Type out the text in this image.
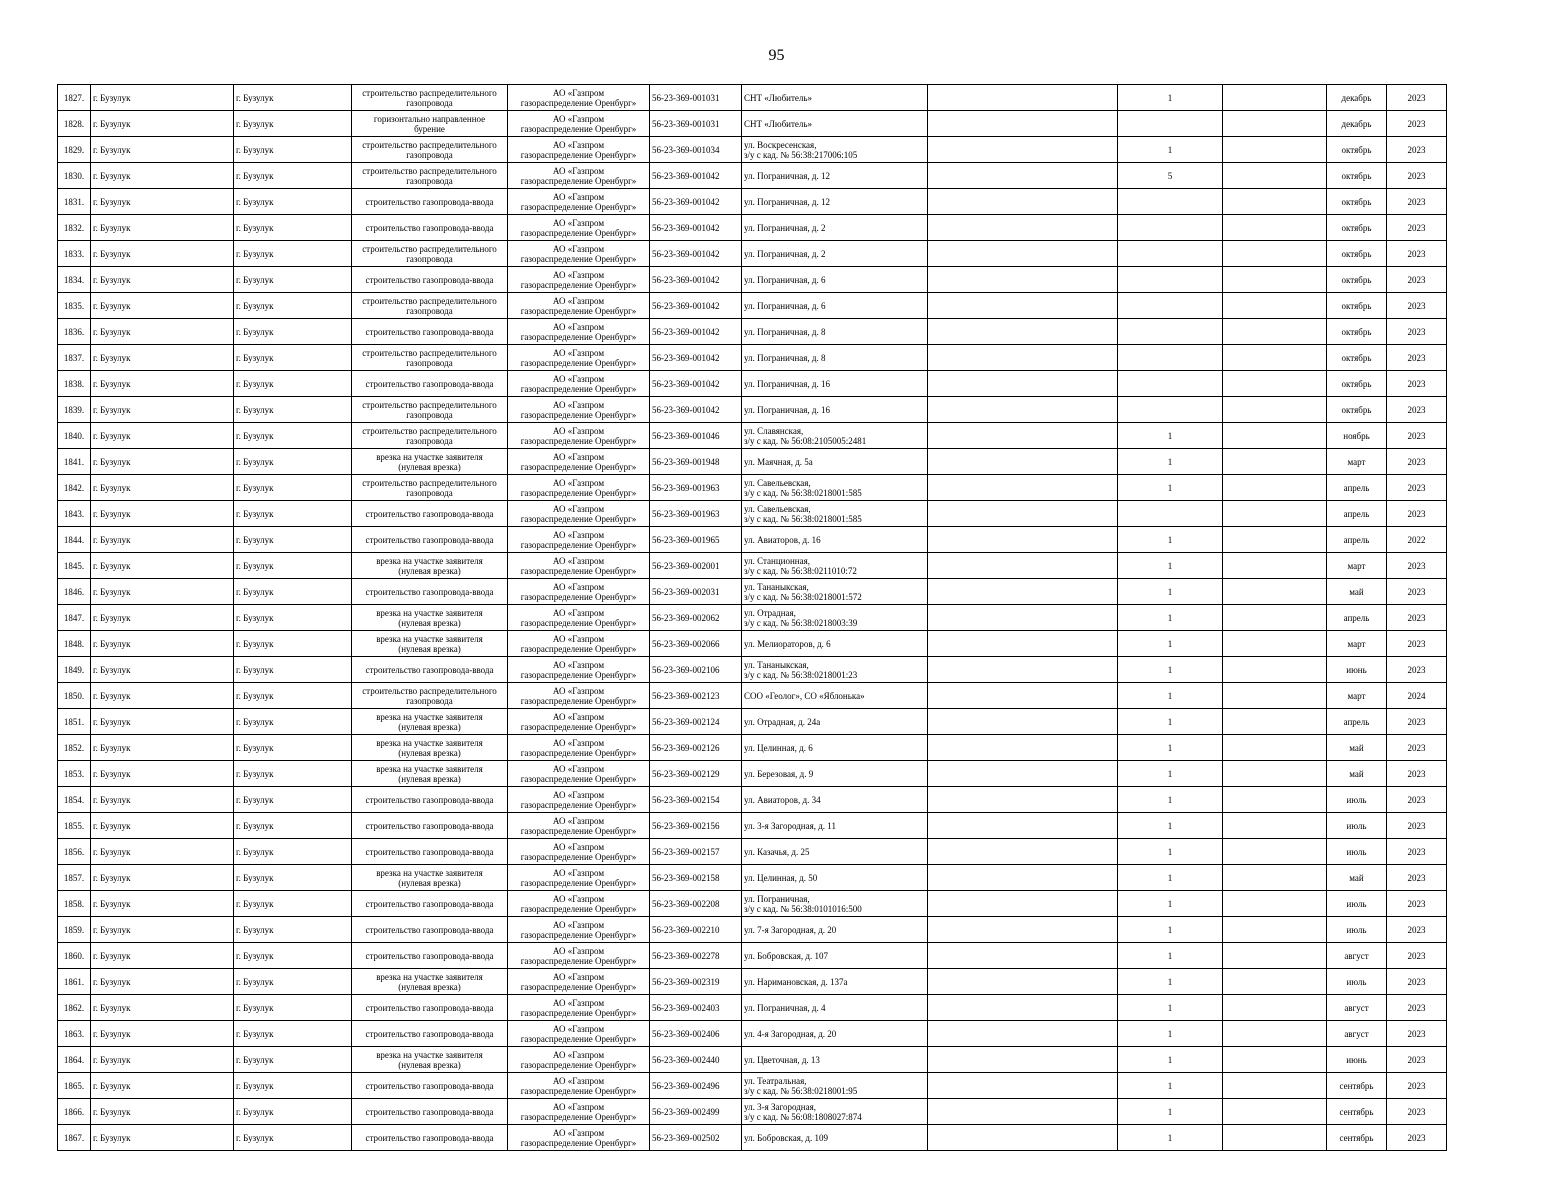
95
1827.	г. Бузулук	г. Бузулук	строительство распределительного
газопровода	АО «Газпром
газораспределение Оренбург»	56-23-369-001031	СНТ «Любитель»		1		декабрь	2023
1828.	г. Бузулук	г. Бузулук	горизонтально направленное
бурение	АО «Газпром
газораспределение Оренбург»	56-23-369-001031	СНТ «Любитель»				декабрь	2023
1829.	г. Бузулук	г. Бузулук	строительство распределительного
газопровода	АО «Газпром
газораспределение Оренбург»	56-23-369-001034	ул. Воскресенская,
з/у с кад. № 56:38:217006:105		1		октябрь	2023
1830.	г. Бузулук	г. Бузулук	строительство распределительного
газопровода	АО «Газпром
газораспределение Оренбург»	56-23-369-001042	ул. Пограничная, д. 12		5		октябрь	2023
1831.	г. Бузулук	г. Бузулук	строительство газопровода-ввода	АО «Газпром
газораспределение Оренбург»	56-23-369-001042	ул. Пограничная, д. 12				октябрь	2023
1832.	г. Бузулук	г. Бузулук	строительство газопровода-ввода	АО «Газпром
газораспределение Оренбург»	56-23-369-001042	ул. Пограничная, д. 2				октябрь	2023
1833.	г. Бузулук	г. Бузулук	строительство распределительного
газопровода	АО «Газпром
газораспределение Оренбург»	56-23-369-001042	ул. Пограничная, д. 2				октябрь	2023
1834.	г. Бузулук	г. Бузулук	строительство газопровода-ввода	АО «Газпром
газораспределение Оренбург»	56-23-369-001042	ул. Пограничная, д. 6				октябрь	2023
1835.	г. Бузулук	г. Бузулук	строительство распределительного
газопровода	АО «Газпром
газораспределение Оренбург»	56-23-369-001042	ул. Пограничная, д. 6				октябрь	2023
1836.	г. Бузулук	г. Бузулук	строительство газопровода-ввода	АО «Газпром
газораспределение Оренбург»	56-23-369-001042	ул. Пограничная, д. 8				октябрь	2023
1837.	г. Бузулук	г. Бузулук	строительство распределительного
газопровода	АО «Газпром
газораспределение Оренбург»	56-23-369-001042	ул. Пограничная, д. 8				октябрь	2023
1838.	г. Бузулук	г. Бузулук	строительство газопровода-ввода	АО «Газпром
газораспределение Оренбург»	56-23-369-001042	ул. Пограничная, д. 16				октябрь	2023
1839.	г. Бузулук	г. Бузулук	строительство распределительного
газопровода	АО «Газпром
газораспределение Оренбург»	56-23-369-001042	ул. Пограничная, д. 16				октябрь	2023
1840.	г. Бузулук	г. Бузулук	строительство распределительного
газопровода	АО «Газпром
газораспределение Оренбург»	56-23-369-001046	ул. Славянская,
з/у с кад. № 56:08:2105005:2481		1		ноябрь	2023
1841.	г. Бузулук	г. Бузулук	врезка на участке заявителя
(нулевая врезка)	АО «Газпром
газораспределение Оренбург»	56-23-369-001948	ул. Маячная, д. 5а		1		март	2023
1842.	г. Бузулук	г. Бузулук	строительство распределительного
газопровода	АО «Газпром
газораспределение Оренбург»	56-23-369-001963	ул. Савельевская,
з/у с кад. № 56:38:0218001:585		1		апрель	2023
1843.	г. Бузулук	г. Бузулук	строительство газопровода-ввода	АО «Газпром
газораспределение Оренбург»	56-23-369-001963	ул. Савельевская,
з/у с кад. № 56:38:0218001:585				апрель	2023
1844.	г. Бузулук	г. Бузулук	строительство газопровода-ввода	АО «Газпром
газораспределение Оренбург»	56-23-369-001965	ул. Авиаторов, д. 16		1		апрель	2022
1845.	г. Бузулук	г. Бузулук	врезка на участке заявителя
(нулевая врезка)	АО «Газпром
газораспределение Оренбург»	56-23-369-002001	ул. Станционная,
з/у с кад. № 56:38:0211010:72		1		март	2023
1846.	г. Бузулук	г. Бузулук	строительство газопровода-ввода	АО «Газпром
газораспределение Оренбург»	56-23-369-002031	ул. Тананыкская,
з/у с кад. № 56:38:0218001:572		1		май	2023
1847.	г. Бузулук	г. Бузулук	врезка на участке заявителя
(нулевая врезка)	АО «Газпром
газораспределение Оренбург»	56-23-369-002062	ул. Отрадная,
з/у с кад. № 56:38:0218003:39		1		апрель	2023
1848.	г. Бузулук	г. Бузулук	врезка на участке заявителя
(нулевая врезка)	АО «Газпром
газораспределение Оренбург»	56-23-369-002066	ул. Мелиораторов, д. 6		1		март	2023
1849.	г. Бузулук	г. Бузулук	строительство газопровода-ввода	АО «Газпром
газораспределение Оренбург»	56-23-369-002106	ул. Тананыкская,
з/у с кад. № 56:38:0218001:23		1		июнь	2023
1850.	г. Бузулук	г. Бузулук	строительство распределительного
газопровода	АО «Газпром
газораспределение Оренбург»	56-23-369-002123	СОО «Геолог», СО «Яблонька»		1		март	2024
1851.	г. Бузулук	г. Бузулук	врезка на участке заявителя
(нулевая врезка)	АО «Газпром
газораспределение Оренбург»	56-23-369-002124	ул. Отрадная, д. 24а		1		апрель	2023
1852.	г. Бузулук	г. Бузулук	врезка на участке заявителя
(нулевая врезка)	АО «Газпром
газораспределение Оренбург»	56-23-369-002126	ул. Целинная, д. 6		1		май	2023
1853.	г. Бузулук	г. Бузулук	врезка на участке заявителя
(нулевая врезка)	АО «Газпром
газораспределение Оренбург»	56-23-369-002129	ул. Березовая, д. 9		1		май	2023
1854.	г. Бузулук	г. Бузулук	строительство газопровода-ввода	АО «Газпром
газораспределение Оренбург»	56-23-369-002154	ул. Авиаторов, д. 34		1		июль	2023
1855.	г. Бузулук	г. Бузулук	строительство газопровода-ввода	АО «Газпром
газораспределение Оренбург»	56-23-369-002156	ул. 3-я Загородная, д. 11		1		июль	2023
1856.	г. Бузулук	г. Бузулук	строительство газопровода-ввода	АО «Газпром
газораспределение Оренбург»	56-23-369-002157	ул. Казачья, д. 25		1		июль	2023
1857.	г. Бузулук	г. Бузулук	врезка на участке заявителя
(нулевая врезка)	АО «Газпром
газораспределение Оренбург»	56-23-369-002158	ул. Целинная, д. 50		1		май	2023
1858.	г. Бузулук	г. Бузулук	строительство газопровода-ввода	АО «Газпром
газораспределение Оренбург»	56-23-369-002208	ул. Пограничная,
з/у с кад. № 56:38:0101016:500		1		июль	2023
1859.	г. Бузулук	г. Бузулук	строительство газопровода-ввода	АО «Газпром
газораспределение Оренбург»	56-23-369-002210	ул. 7-я Загородная, д. 20		1		июль	2023
1860.	г. Бузулук	г. Бузулук	строительство газопровода-ввода	АО «Газпром
газораспределение Оренбург»	56-23-369-002278	ул. Бобровская, д. 107		1		август	2023
1861.	г. Бузулук	г. Бузулук	врезка на участке заявителя
(нулевая врезка)	АО «Газпром
газораспределение Оренбург»	56-23-369-002319	ул. Наримановская, д. 137а		1		июль	2023
1862.	г. Бузулук	г. Бузулук	строительство газопровода-ввода	АО «Газпром
газораспределение Оренбург»	56-23-369-002403	ул. Пограничная, д. 4		1		август	2023
1863.	г. Бузулук	г. Бузулук	строительство газопровода-ввода	АО «Газпром
газораспределение Оренбург»	56-23-369-002406	ул. 4-я Загородная, д. 20		1		август	2023
1864.	г. Бузулук	г. Бузулук	врезка на участке заявителя
(нулевая врезка)	АО «Газпром
газораспределение Оренбург»	56-23-369-002440	ул. Цветочная, д. 13		1		июнь	2023
1865.	г. Бузулук	г. Бузулук	строительство газопровода-ввода	АО «Газпром
газораспределение Оренбург»	56-23-369-002496	ул. Театральная,
з/у с кад. № 56:38:0218001:95		1		сентябрь	2023
1866.	г. Бузулук	г. Бузулук	строительство газопровода-ввода	АО «Газпром
газораспределение Оренбург»	56-23-369-002499	ул. 3-я Загородная,
з/у с кад. № 56:08:1808027:874		1		сентябрь	2023
1867.	г. Бузулук	г. Бузулук	строительство газопровода-ввода	АО «Газпром
газораспределение Оренбург»	56-23-369-002502	ул. Бобровская, д. 109		1		сентябрь	2023
